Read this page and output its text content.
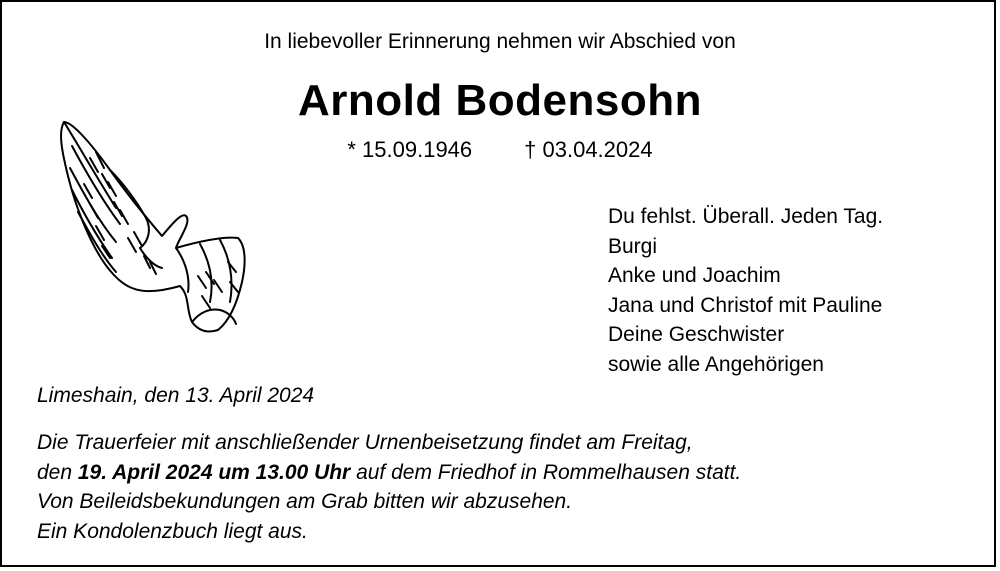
In liebevoller Erinnerung nehmen wir Abschied von
Arnold Bodensohn
* 15.09.1946 † 03.04.2024
Du fehlst. Überall. Jeden Tag.
Burgi
Anke und Joachim
Jana und Christof mit Pauline
Deine Geschwister
sowie alle Angehörigen
Limeshain, den 13. April 2024
Die Trauerfeier mit anschließender Urnenbeisetzung findet am Freitag,
den 19. April 2024 um 13.00 Uhr auf dem Friedhof in Rommelhausen statt.
Von Beileidsbekundungen am Grab bitten wir abzusehen.
Ein Kondolenzbuch liegt aus.
